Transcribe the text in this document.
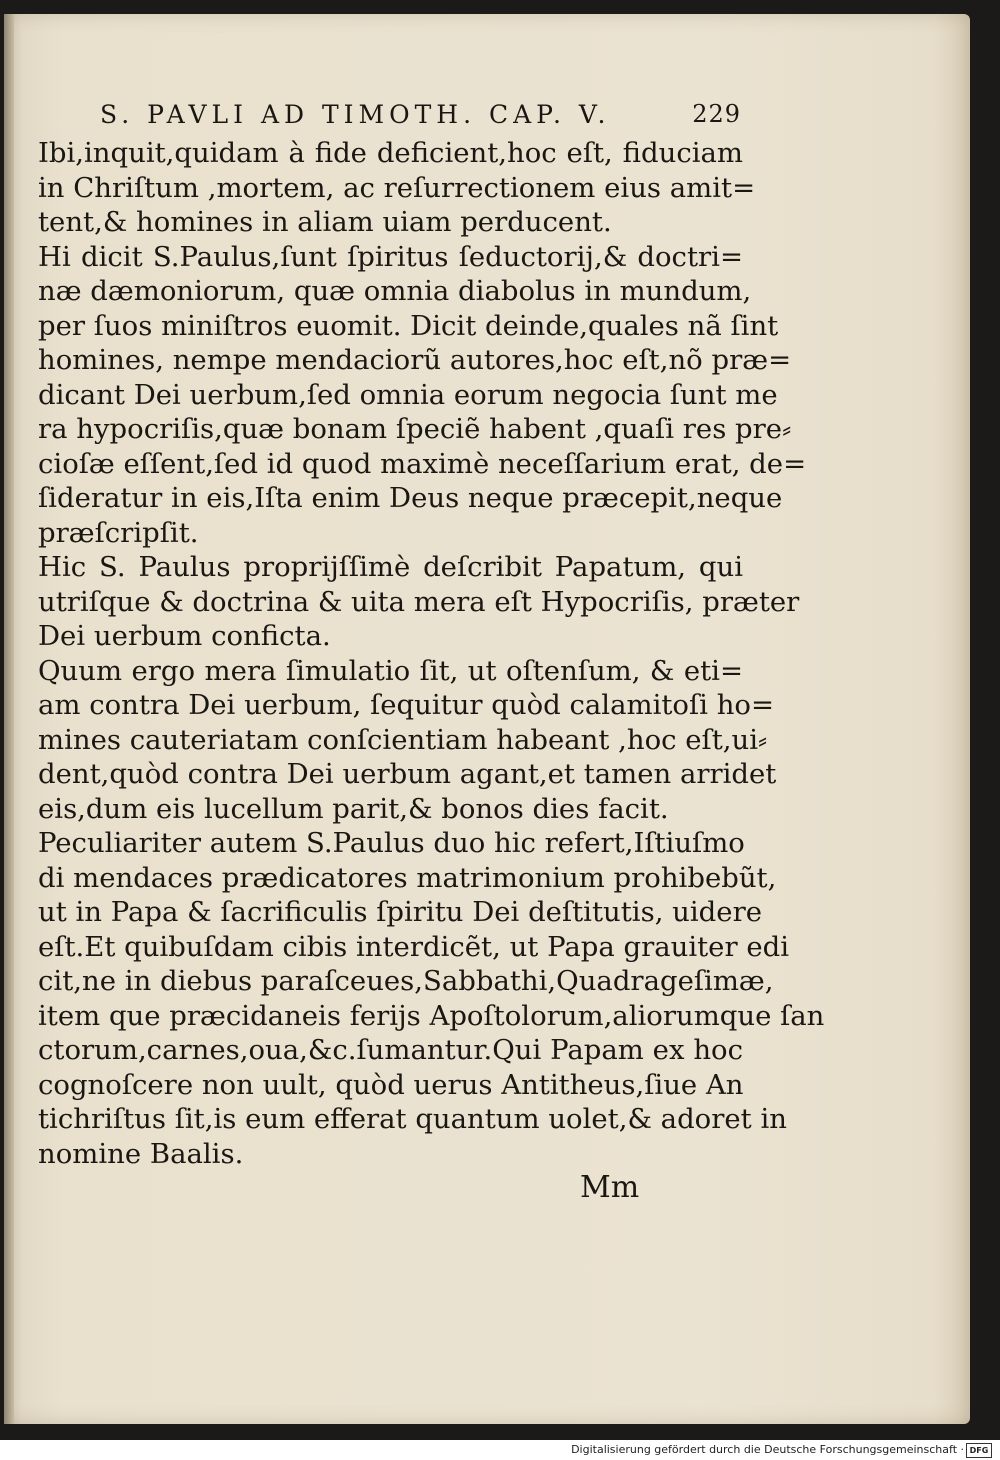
S. PAVLI AD TIMOTH. CAP. V.	229
Ibi,inquit,quidam à fide deficient,hoc eſt, fiduciam
in Chriſtum ,mortem, ac reſurrectionem eius amit=
tent,& homines in aliam uiam perducent.
Hi dicit S.Paulus,ſunt ſpiritus ſeductorij,& doctri=
næ dæmoniorum, quæ omnia diabolus in mundum,
per ſuos miniſtros euomit. Dicit deinde,quales nã ſint
homines, nempe mendaciorũ autores,hoc eſt,nõ præ=
dicant Dei uerbum,ſed omnia eorum negocia ſunt me
ra hypocriſis,quæ bonam ſpeciẽ habent ,quaſi res pre⸗
cioſæ eſſent,ſed id quod maximè neceſſarium erat, de=
ſideratur in eis,Iſta enim Deus neque præcepit,neque
præſcripſit.
Hic S. Paulus proprijſſimè deſcribit Papatum, qui
utriſque & doctrina & uita mera eſt Hypocriſis, præter
Dei uerbum conficta.
Quum ergo mera ſimulatio ſit, ut oſtenſum, & eti=
am contra Dei uerbum, ſequitur quòd calamitoſi ho=
mines cauteriatam conſcientiam habeant ,hoc eſt,ui⸗
dent,quòd contra Dei uerbum agant,et tamen arridet
eis,dum eis lucellum parit,& bonos dies facit.
Peculiariter autem S.Paulus duo hic refert,Iſtiuſmo
di mendaces prædicatores matrimonium prohibebũt,
ut in Papa & ſacrificulis ſpiritu Dei deſtitutis, uidere
eſt.Et quibuſdam cibis interdicẽt, ut Papa grauiter edi
cit,ne in diebus paraſceues,Sabbathi,Quadrageſimæ,
item que præcidaneis ferijs Apoſtolorum,aliorumque ſan
ctorum,carnes,oua,&c.ſumantur.Qui Papam ex hoc
cognoſcere non uult, quòd uerus Antitheus,ſiue An
tichriſtus ſit,is eum efferat quantum uolet,& adoret in
nomine Baalis.
Mm
Digitalisierung gefördert durch die Deutsche Forschungsgemeinschaft · DFG
